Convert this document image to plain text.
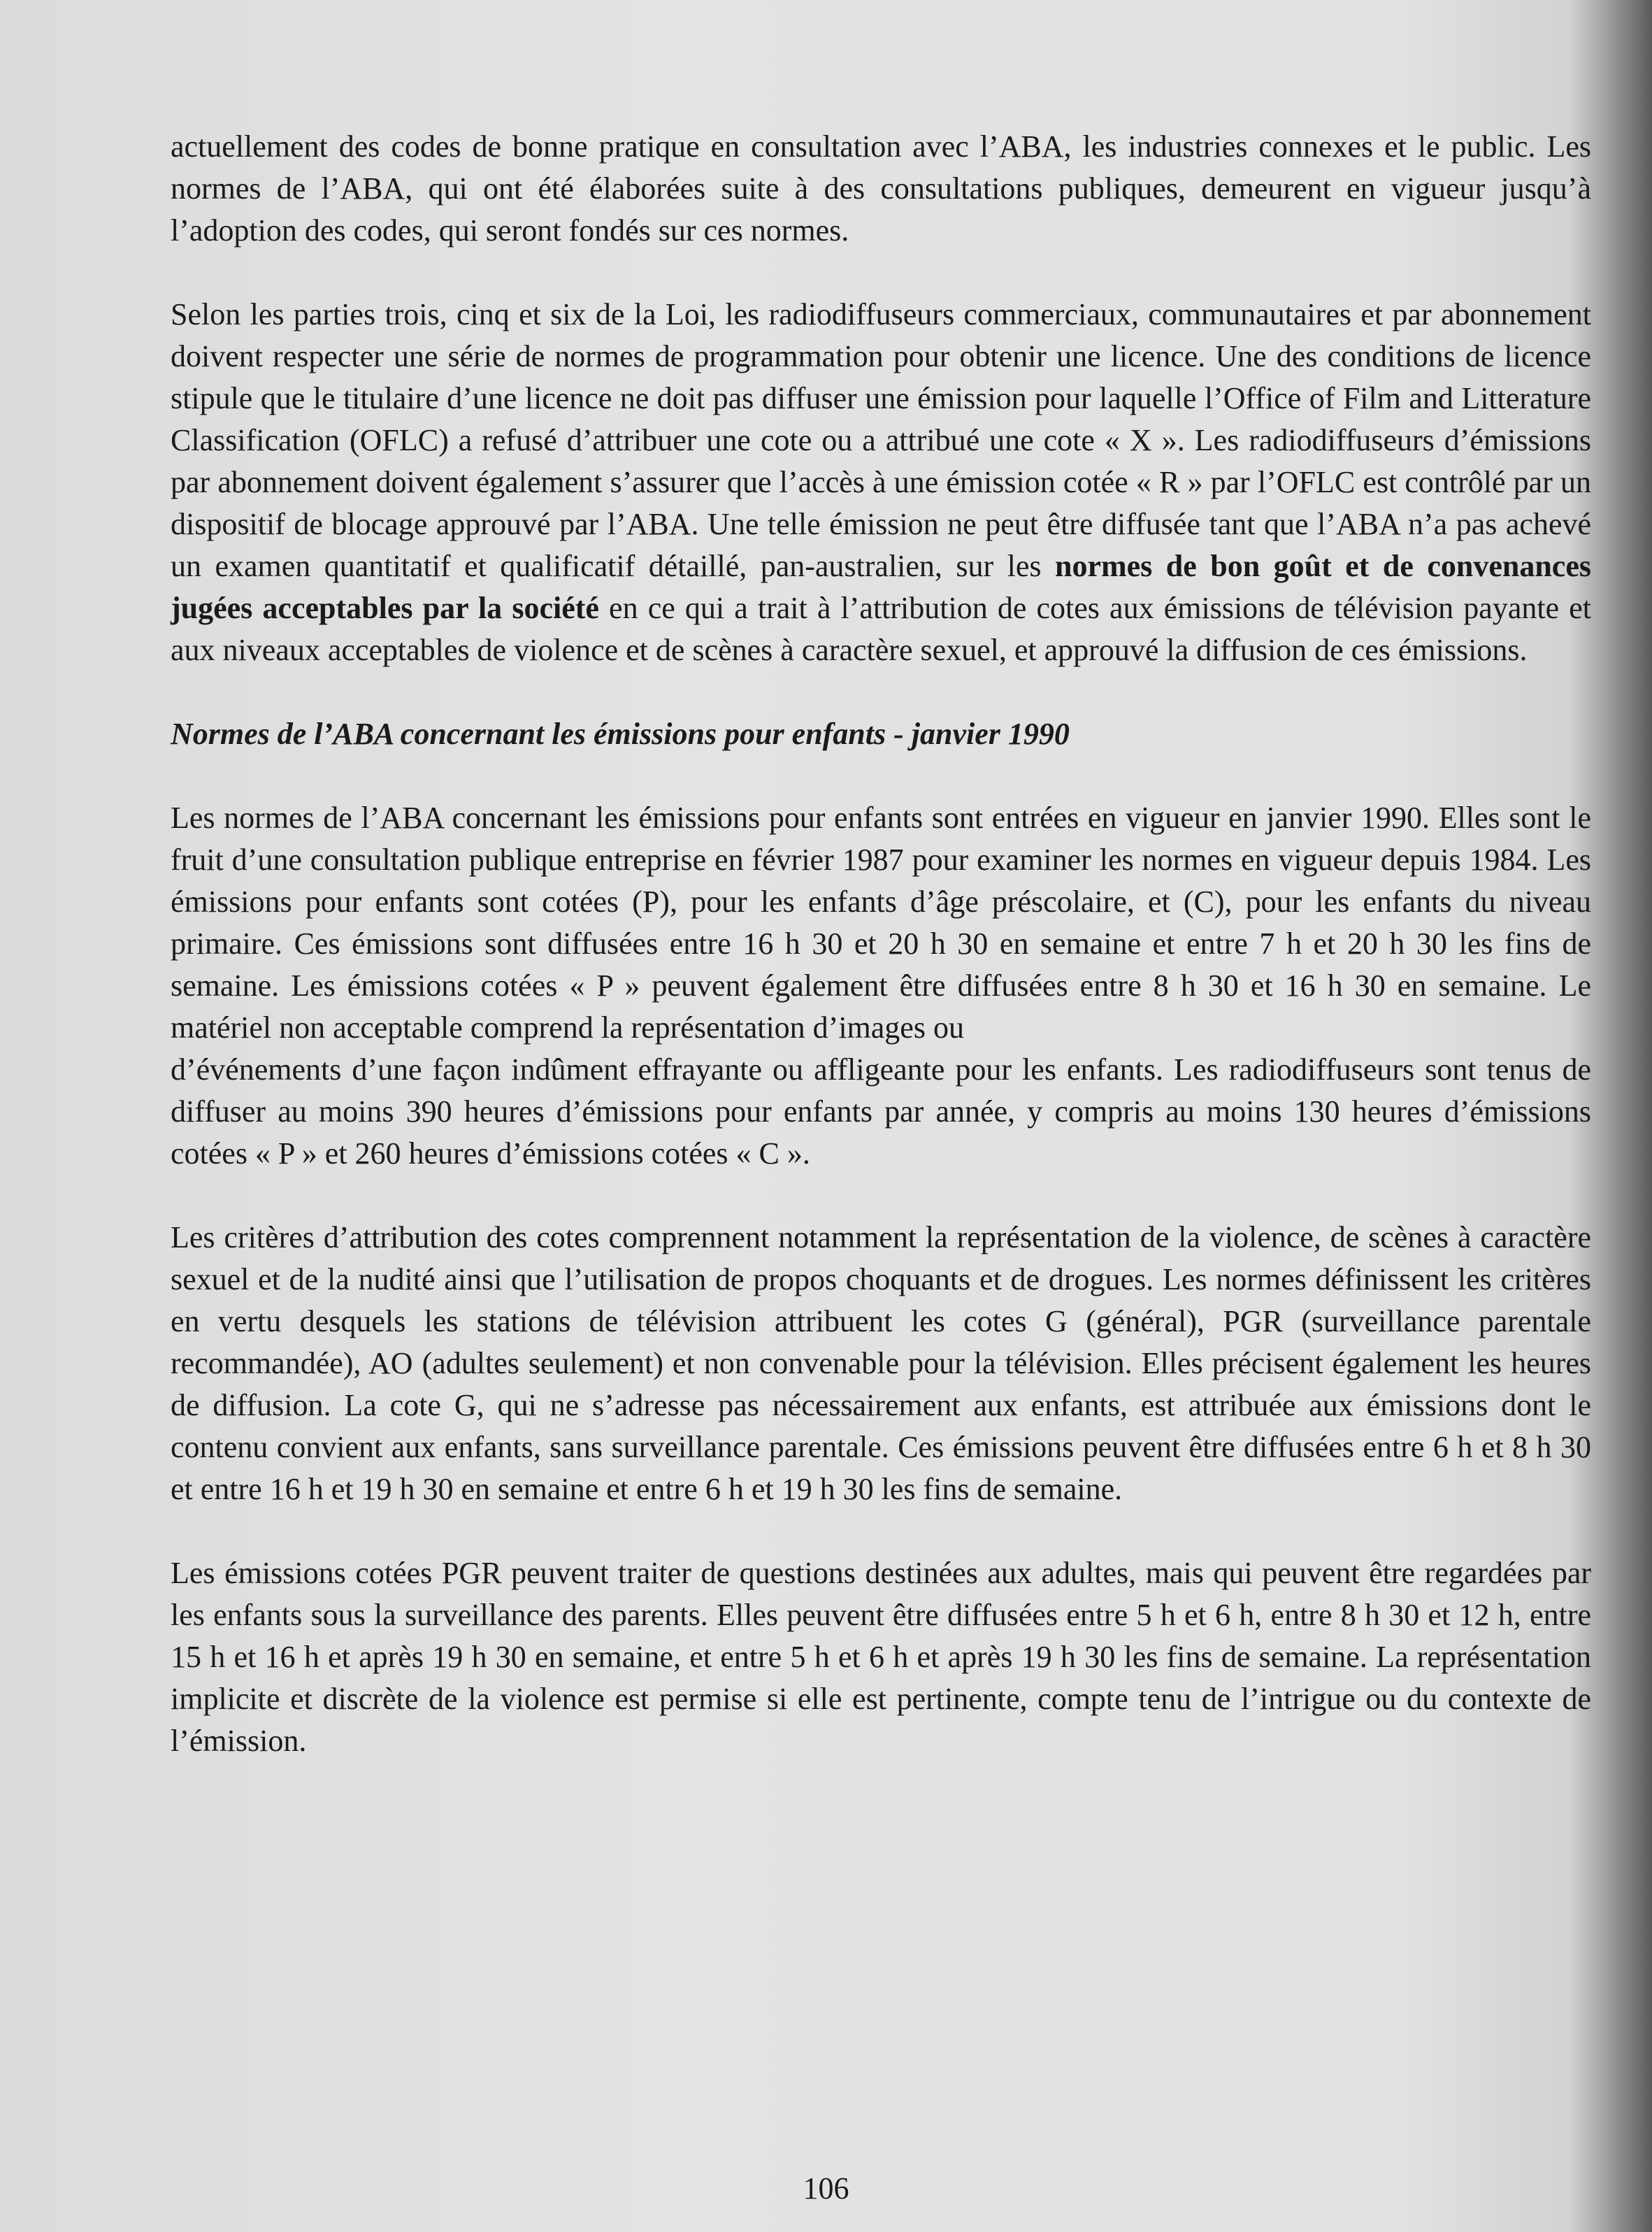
actuellement des codes de bonne pratique en consultation avec l’ABA, les industries connexes et le public. Les normes de l’ABA, qui ont été élaborées suite à des consultations publiques, demeurent en vigueur jusqu’à l’adoption des codes, qui seront fondés sur ces normes.

Selon les parties trois, cinq et six de la Loi, les radiodiffuseurs commerciaux, communautaires et par abonnement doivent respecter une série de normes de programmation pour obtenir une licence. Une des conditions de licence stipule que le titulaire d’une licence ne doit pas diffuser une émission pour laquelle l’Office of Film and Litterature Classification (OFLC) a refusé d’attribuer une cote ou a attribué une cote « X ». Les radiodiffuseurs d’émissions par abonnement doivent également s’assurer que l’accès à une émission cotée « R » par l’OFLC est contrôlé par un dispositif de blocage approuvé par l’ABA. Une telle émission ne peut être diffusée tant que l’ABA n’a pas achevé un examen quantitatif et qualificatif détaillé, pan-australien, sur les normes de bon goût et de convenances jugées acceptables par la société en ce qui a trait à l’attribution de cotes aux émissions de télévision payante et aux niveaux acceptables de violence et de scènes à caractère sexuel, et approuvé la diffusion de ces émissions.

Normes de l’ABA concernant les émissions pour enfants - janvier 1990

Les normes de l’ABA concernant les émissions pour enfants sont entrées en vigueur en janvier 1990. Elles sont le fruit d’une consultation publique entreprise en février 1987 pour examiner les normes en vigueur depuis 1984. Les émissions pour enfants sont cotées (P), pour les enfants d’âge préscolaire, et (C), pour les enfants du niveau primaire. Ces émissions sont diffusées entre 16 h 30 et 20 h 30 en semaine et entre 7 h et 20 h 30 les fins de semaine. Les émissions cotées « P » peuvent également être diffusées entre 8 h 30 et 16 h 30 en semaine. Le matériel non acceptable comprend la représentation d’images ou

d’événements d’une façon indûment effrayante ou affligeante pour les enfants. Les radiodiffuseurs sont tenus de diffuser au moins 390 heures d’émissions pour enfants par année, y compris au moins 130 heures d’émissions cotées « P » et 260 heures d’émissions cotées « C ».

Les critères d’attribution des cotes comprennent notamment la représentation de la violence, de scènes à caractère sexuel et de la nudité ainsi que l’utilisation de propos choquants et de drogues. Les normes définissent les critères en vertu desquels les stations de télévision attribuent les cotes G (général), PGR (surveillance parentale recommandée), AO (adultes seulement) et non convenable pour la télévision. Elles précisent également les heures de diffusion. La cote G, qui ne s’adresse pas nécessairement aux enfants, est attribuée aux émissions dont le contenu convient aux enfants, sans surveillance parentale. Ces émissions peuvent être diffusées entre 6 h et 8 h 30 et entre 16 h et 19 h 30 en semaine et entre 6 h et 19 h 30 les fins de semaine.

Les émissions cotées PGR peuvent traiter de questions destinées aux adultes, mais qui peuvent être regardées par les enfants sous la surveillance des parents. Elles peuvent être diffusées entre 5 h et 6 h, entre 8 h 30 et 12 h, entre 15 h et 16 h et après 19 h 30 en semaine, et entre 5 h et 6 h et après 19 h 30 les fins de semaine. La représentation implicite et discrète de la violence est permise si elle est pertinente, compte tenu de l’intrigue ou du contexte de l’émission.

106
